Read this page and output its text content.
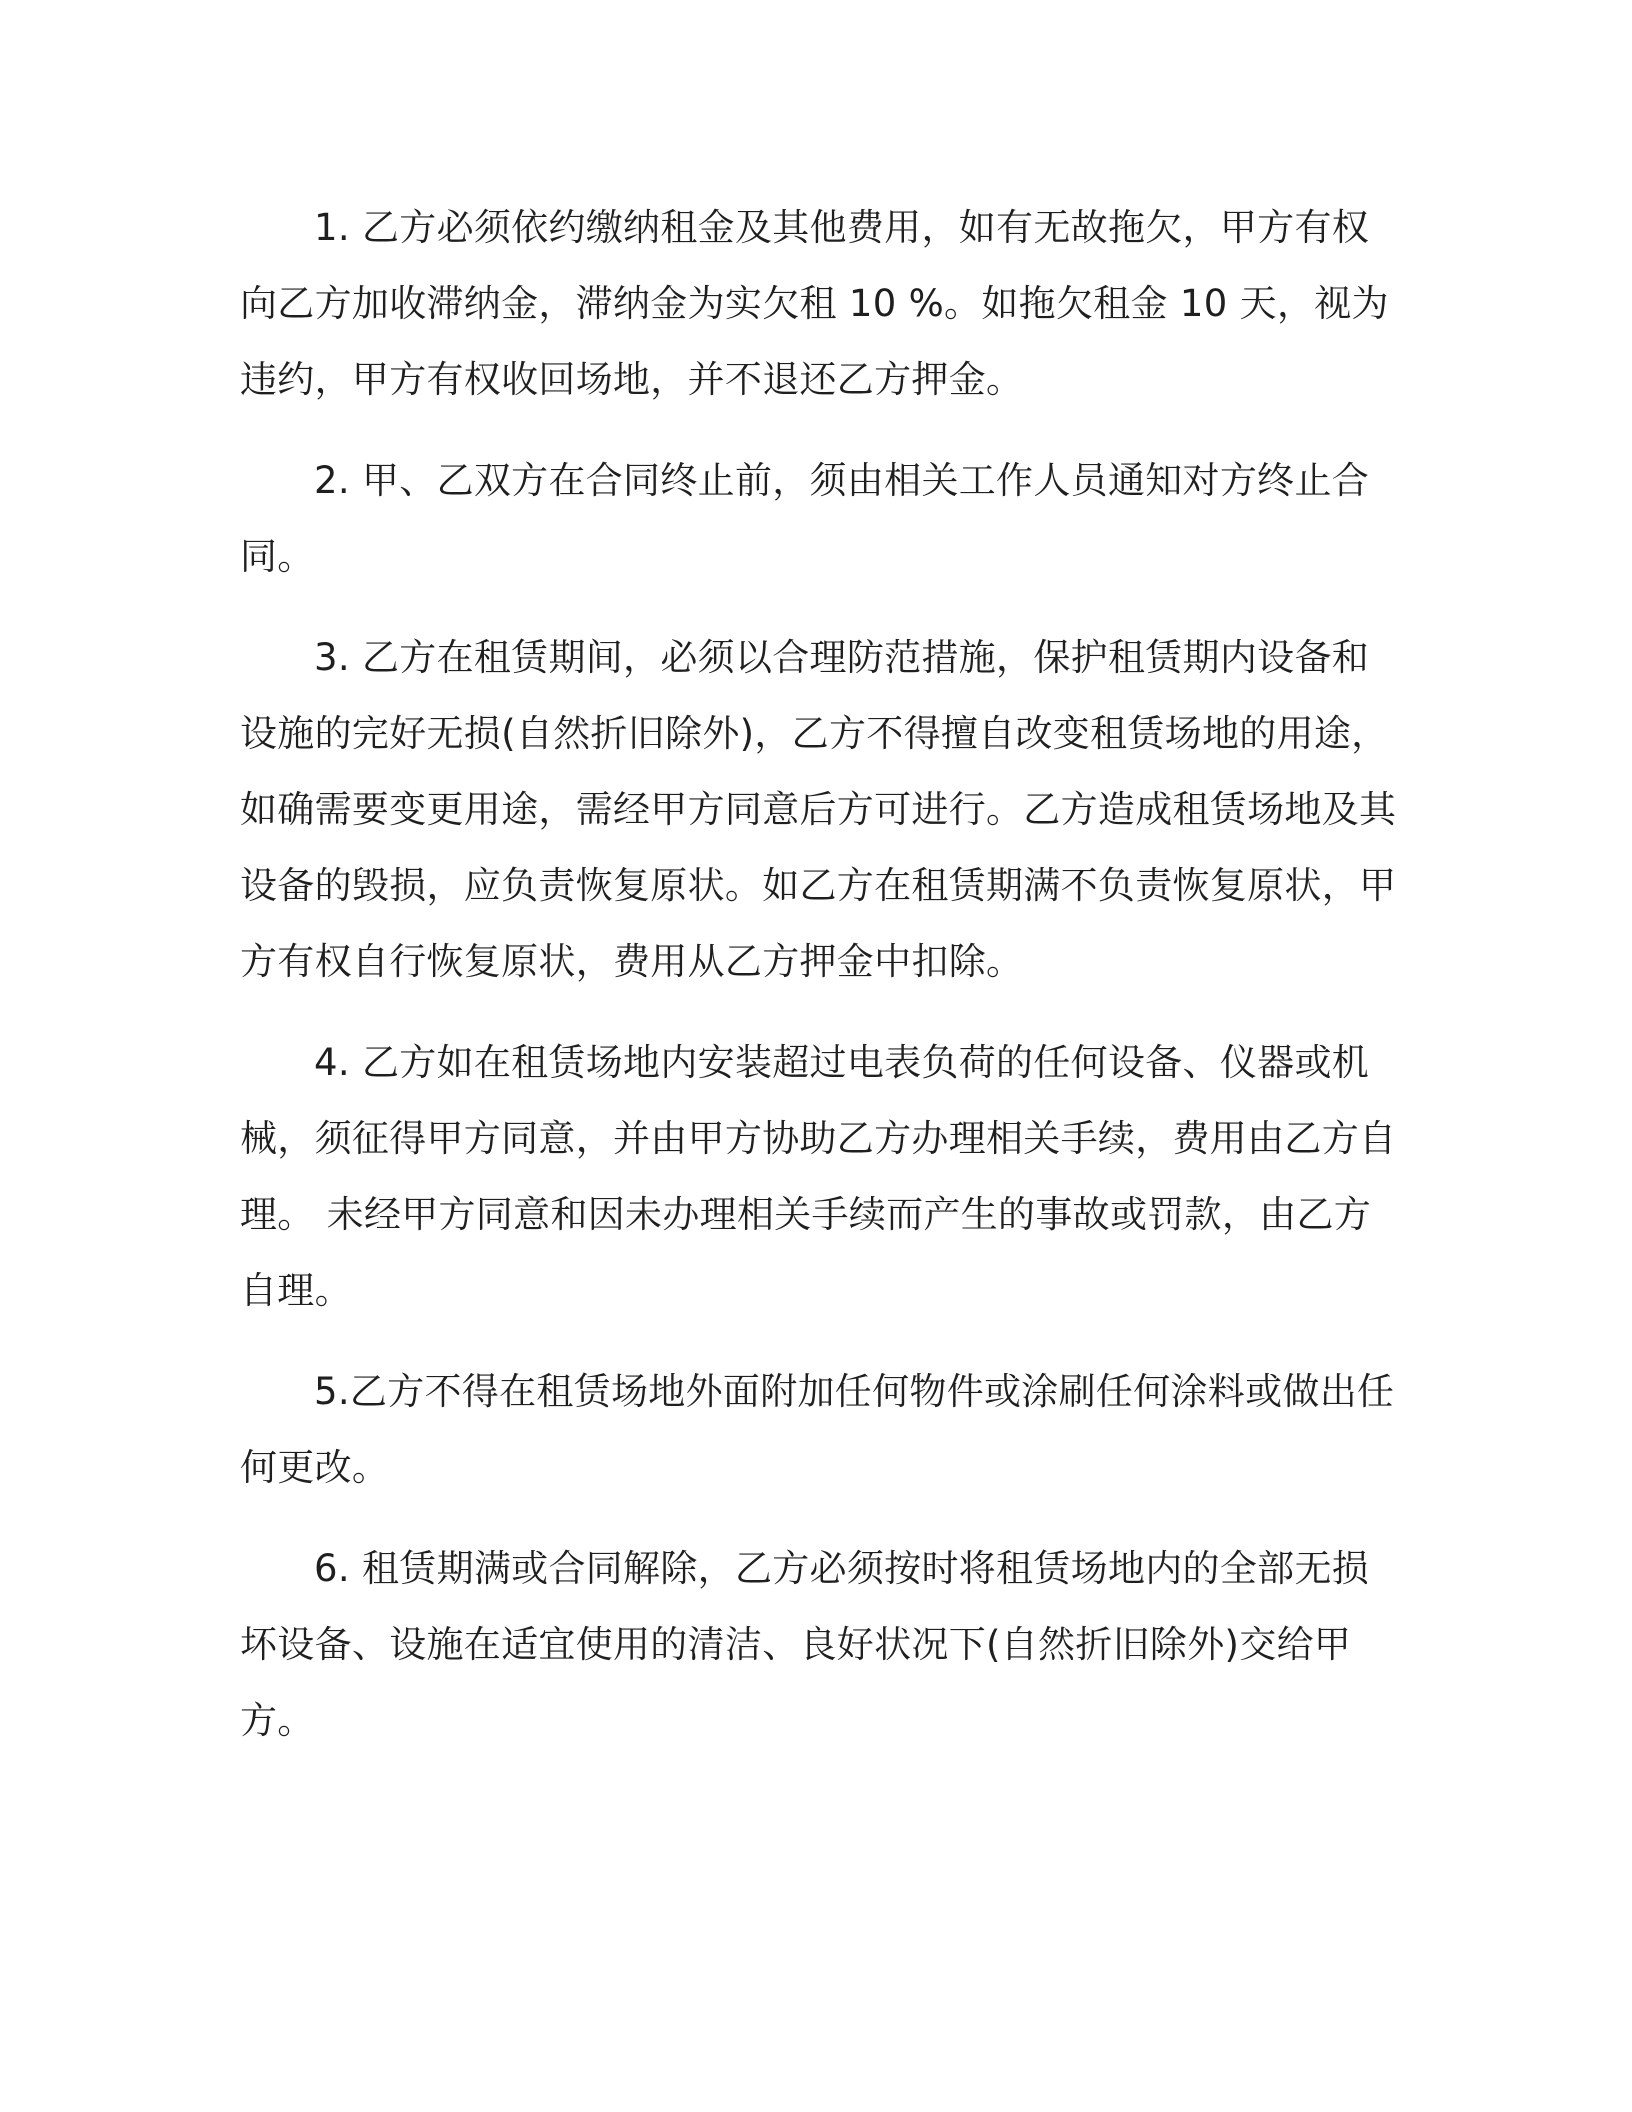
1. 乙方必须依约缴纳租金及其他费用，如有无故拖欠，甲方有权向乙方加收滞纳金，滞纳金为实欠租 10 %。如拖欠租金 10 天，视为违约，甲方有权收回场地，并不退还乙方押金。

2. 甲、乙双方在合同终止前，须由相关工作人员通知对方终止合同。

3. 乙方在租赁期间，必须以合理防范措施，保护租赁期内设备和设施的完好无损(自然折旧除外)，乙方不得擅自改变租赁场地的用途，如确需要变更用途，需经甲方同意后方可进行。乙方造成租赁场地及其设备的毁损，应负责恢复原状。如乙方在租赁期满不负责恢复原状，甲方有权自行恢复原状，费用从乙方押金中扣除。

4. 乙方如在租赁场地内安装超过电表负荷的任何设备、仪器或机械，须征得甲方同意，并由甲方协助乙方办理相关手续，费用由乙方自理。 未经甲方同意和因未办理相关手续而产生的事故或罚款，由乙方自理。

5.乙方不得在租赁场地外面附加任何物件或涂刷任何涂料或做出任何更改。

6. 租赁期满或合同解除，乙方必须按时将租赁场地内的全部无损坏设备、设施在适宜使用的清洁、良好状况下(自然折旧除外)交给甲方。
